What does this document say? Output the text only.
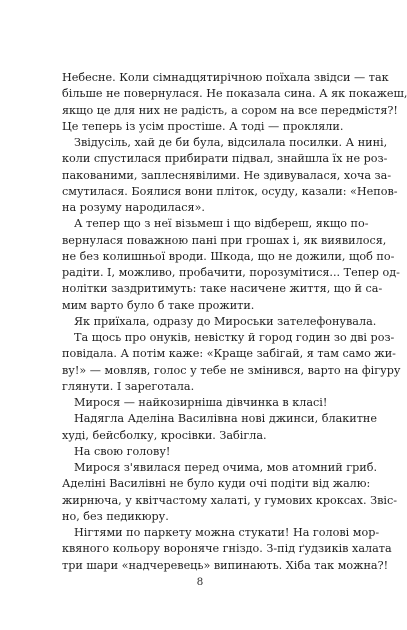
Небесне. Коли сімнадцятирічною поїхала звідси — так
більше не повернулася. Не показала сина. А як покажеш,
якщо це для них не радість, а сором на все передмістя?!
Це теперь із усім простіше. А тоді — прокляли.
Звідусіль, хай де би була, відсилала посилки. А нині,
коли спустилася прибирати підвал, знайшла їх не роз-
пакованими, заплеснявілими. Не здивувалася, хоча за-
смутилася. Боялися вони пліток, осуду, казали: «Непов-
на розуму народилася».
А тепер що з неї візьмеш і що відбереш, якщо по-
вернулася поважною пані при грошах і, як виявилося,
не без колишньої вроди. Шкода, що не дожили, щоб по-
радіти. І, можливо, пробачити, порозумітися... Тепер од-
нолітки заздритимуть: таке насичене життя, що й са-
мим варто було б таке прожити.
Як приїхала, одразу до Мироськи зателефонувала.
Та щось про онуків, невістку й город годин зо дві роз-
повідала. А потім каже: «Краще забігай, я там само жи-
ву!» — мовляв, голос у тебе не змінився, варто на фігуру
глянути. І зареготала.
Мирося — найкозирніша дівчинка в класі!
Надягла Аделіна Василівна нові джинси, блакитне
худі, бейсболку, кросівки. Забігла.
На свою голову!
Мирося з'явилася перед очима, мов атомний гриб.
Аделіні Василівні не було куди очі подіти від жалю:
жирнюча, у квітчастому халаті, у гумових кроксах. Звіс-
но, без педикюру.
Нігтями по паркету можна стукати! На голові мор-
квяного кольору вороняче гніздо. З-під ґудзиків халата
три шари «надчеревець» випинають. Хіба так можна?!
8
